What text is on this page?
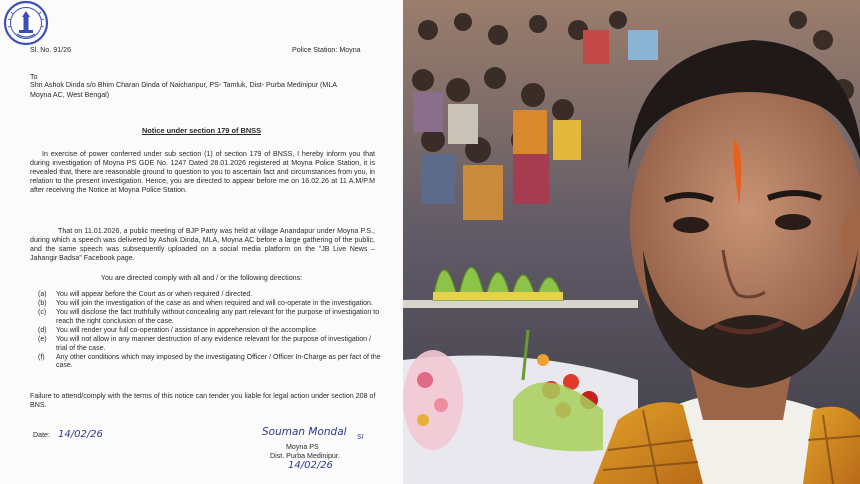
Sl. No. 91/26	Police Station: Moyna
To
Shri Ashok Dinda s/o Bhim Charan Dinda of Naichanpur, PS- Tamluk, Dist- Purba Medinipur (MLA
Moyna AC, West Bengal)
Notice under section 179 of BNSS
In exercise of power conferred under sub section (1) of section 179 of BNSS, I hereby inform you that during investigation of Moyna PS GDE No. 1247 Dated 28.01.2026 registered at Moyna Police Station, it is revealed that, there are reasonable ground to question to you to ascertain fact and circumstances from you, in relation to the present investigation. Hence, you are directed to appear before me on 16.02.26 at 11 A.M/P.M after receiving the Notice at Moyna Police Station.
That on 11.01.2026, a public meeting of BJP Party was held at village Anandapur under Moyna P.S., during which a speech was delivered by Ashok Dinda, MLA, Moyna AC before a large gathering of the public, and the same speech was subsequently uploaded on a social media platform on the "JB Live News – Jahangir Badsa" Facebook page.
You are directed comply with all and / or the following directions:
(a) You will appear before the Court as or when required / directed.
(b) You will join the investigation of the case as and when required and will co-operate in the investigation.
(c) You will disclose the fact truthfully without concealing any part relevant for the purpose of investigation to reach the right conclusion of the case.
(d) You will render your full co-operation / assistance in apprehension of the accomplice.
(e) You will not allow in any manner destruction of any evidence relevant for the purpose of investigation / trial of the case.
(f) Any other conditions which may imposed by the investigating Officer / Officer In-Charge as per fact of the case.
Failure to attend/comply with the terms of this notice can tender you liable for legal action under section 208 of BNS.
Date: 14/02/26	Souman Mondal SI
Moyna PS
Dist. Purba Medinipur.
14/02/26
